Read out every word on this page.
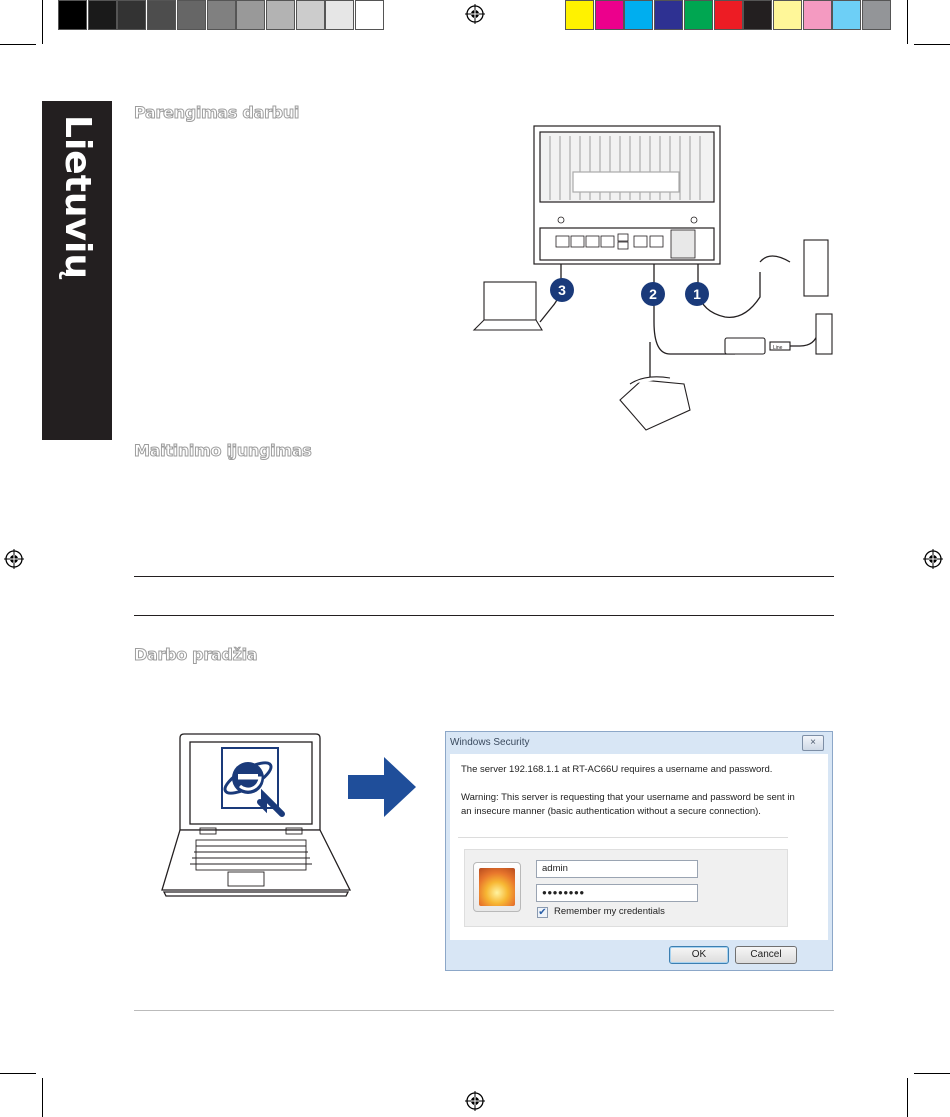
Lietuvių
Parengimas darbui
Maitinimo įjungimas
Darbo pradžia
Line
3	2	1
Windows Security	×
The server 192.168.1.1 at RT-AC66U requires a username and password.
Warning: This server is requesting that your username and password be sent in an insecure manner (basic authentication without a secure connection).
admin
●●●●●●●●
✔ Remember my credentials
OK	Cancel
